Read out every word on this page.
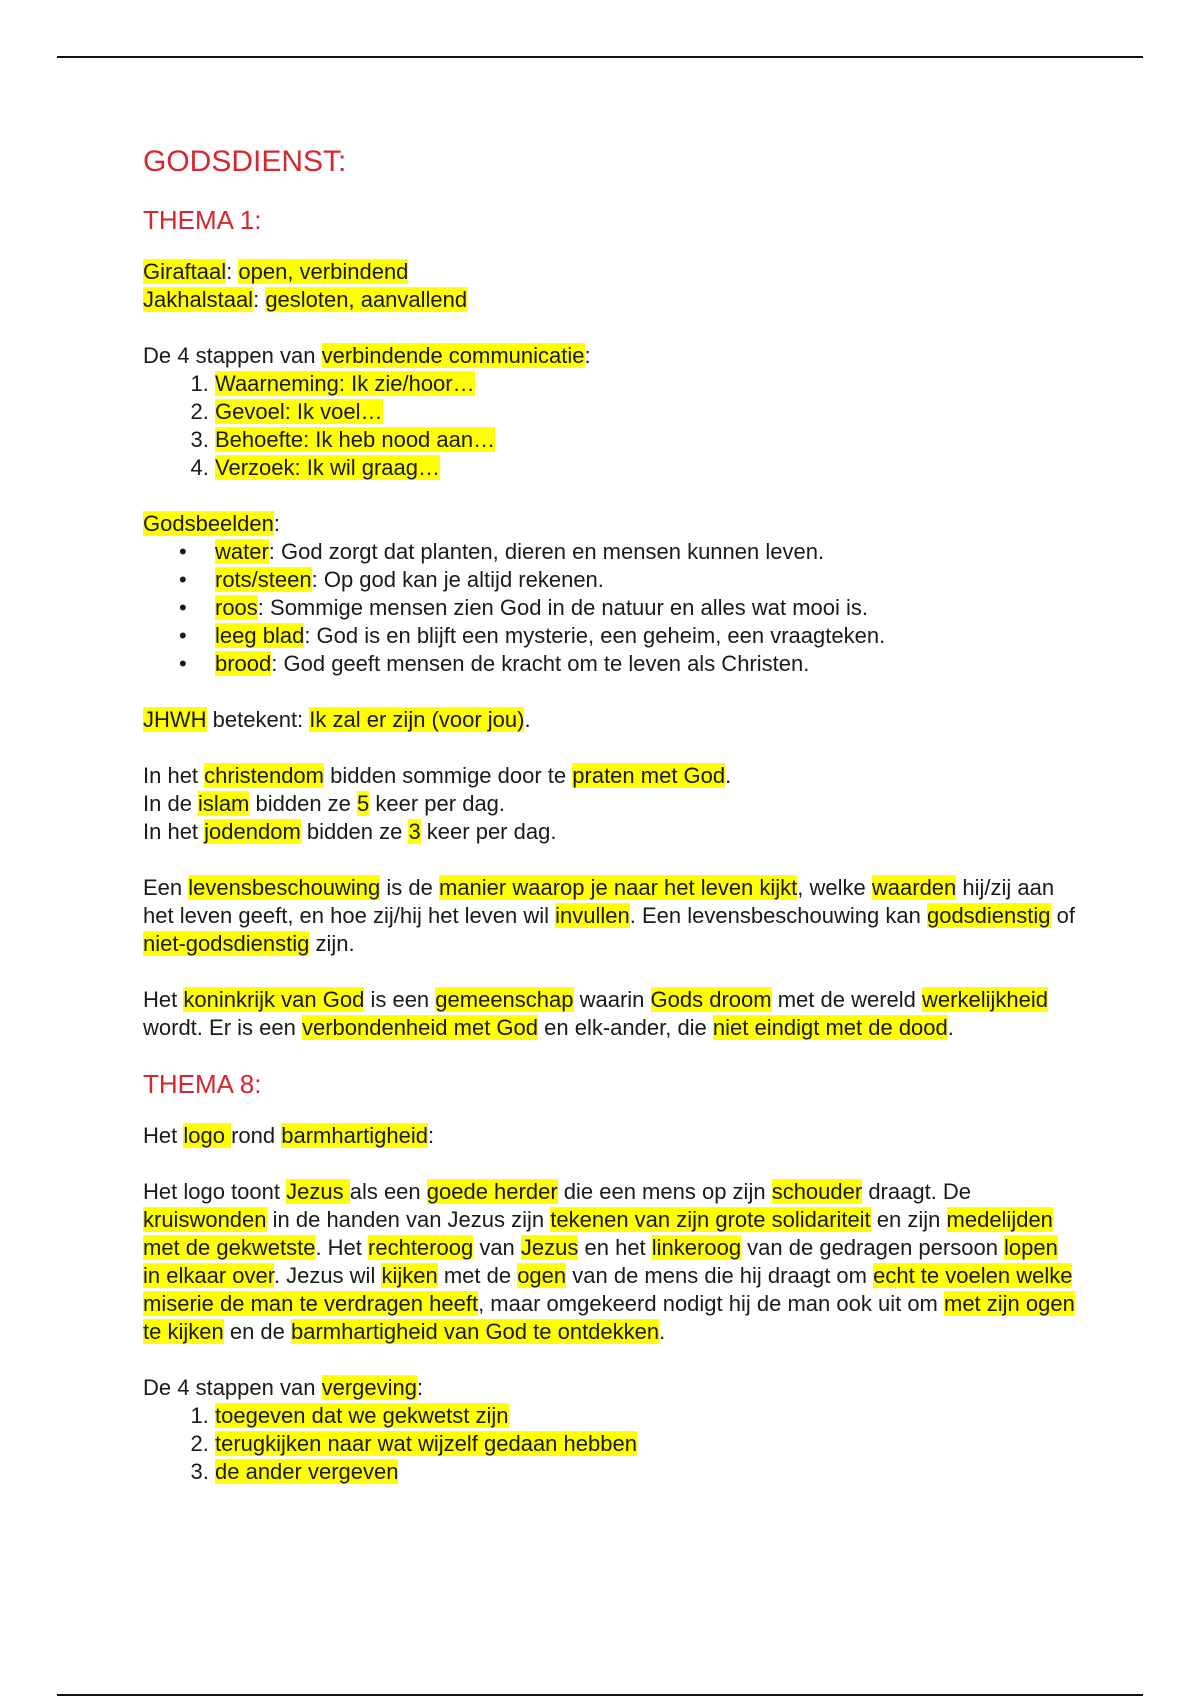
GODSDIENST:
THEMA 1:

Giraftaal: open, verbindend

Jakhalstaal: gesloten, aanvallend

De 4 stappen van verbindende communicatie:

1. Waarneming: Ik zie/hoor…
2. Gevoel: Ik voel…
3. Behoefte: Ik heb nood aan…
4. Verzoek: Ik wil graag…

Godsbeelden:

• water: God zorgt dat planten, dieren en mensen kunnen leven.
• rots/steen: Op god kan je altijd rekenen.
• roos: Sommige mensen zien God in de natuur en alles wat mooi is.
• leeg blad: God is en blijft een mysterie, een geheim, een vraagteken.
• brood: God geeft mensen de kracht om te leven als Christen.

JHWH betekent: Ik zal er zijn (voor jou).

In het christendom bidden sommige door te praten met God.

In de islam bidden ze 5 keer per dag.

In het jodendom bidden ze 3 keer per dag.

Een levensbeschouwing is de manier waarop je naar het leven kijkt, welke waarden hij/zij aan het leven geeft, en hoe zij/hij het leven wil invullen. Een levensbeschouwing kan godsdienstig of niet-godsdienstig zijn.

Het koninkrijk van God is een gemeenschap waarin Gods droom met de wereld werkelijkheid wordt. Er is een verbondenheid met God en elk-ander, die niet eindigt met de dood.

THEMA 8:

Het logo rond barmhartigheid:

Het logo toont Jezus als een goede herder die een mens op zijn schouder draagt. De kruiswonden in de handen van Jezus zijn tekenen van zijn grote solidariteit en zijn medelijden met de gekwetste. Het rechteroog van Jezus en het linkeroog van de gedragen persoon lopen in elkaar over. Jezus wil kijken met de ogen van de mens die hij draagt om echt te voelen welke miserie de man te verdragen heeft, maar omgekeerd nodigt hij de man ook uit om met zijn ogen te kijken en de barmhartigheid van God te ontdekken.

De 4 stappen van vergeving:

1. toegeven dat we gekwetst zijn
2. terugkijken naar wat wijzelf gedaan hebben
3. de ander vergeven
